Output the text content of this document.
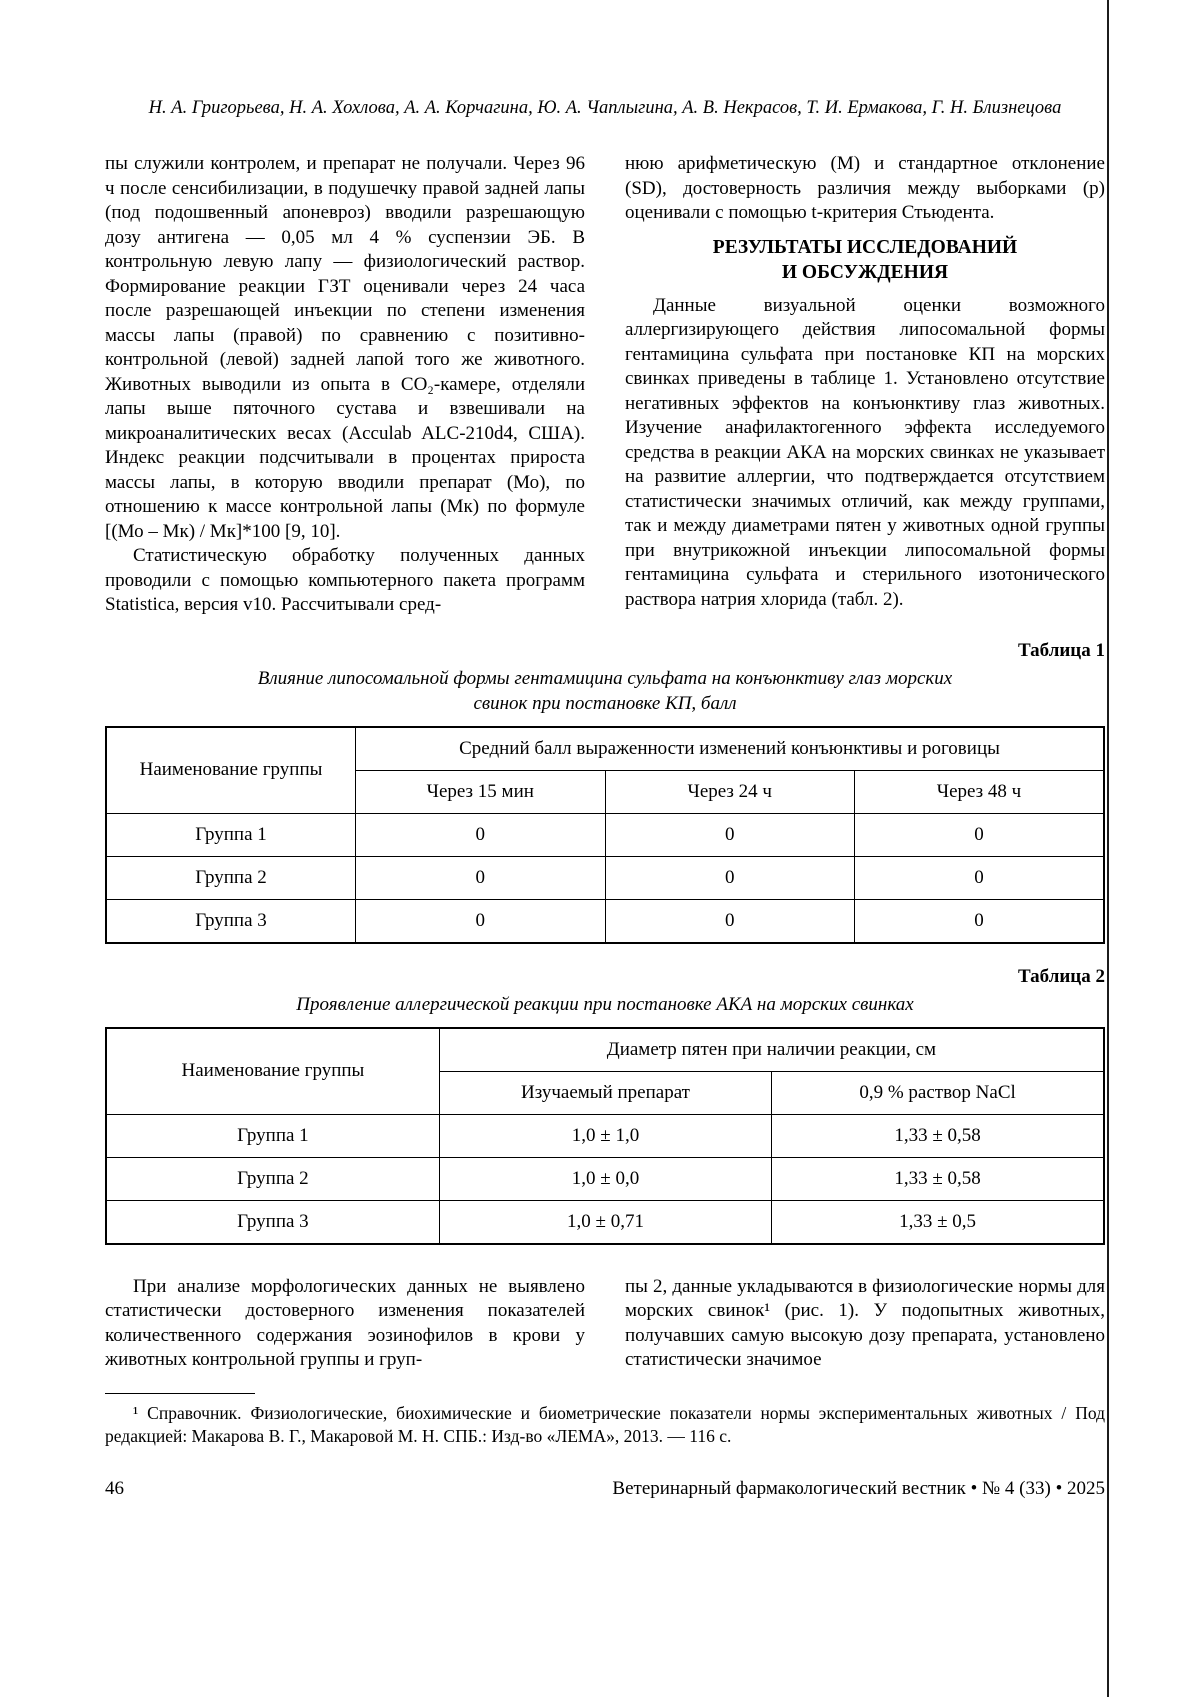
Н. А. Григорьева, Н. А. Хохлова, А. А. Корчагина, Ю. А. Чаплыгина, А. В. Некрасов, Т. И. Ермакова, Г. Н. Близнецова

пы служили контролем, и препарат не получали. Через 96 ч после сенсибилизации, в подушечку правой задней лапы (под подошвенный апоневроз) вводили разрешающую дозу антигена — 0,05 мл 4 % суспензии ЭБ. В контрольную левую лапу — физиологический раствор. Формирование реакции ГЗТ оценивали через 24 часа после разрешающей инъекции по степени изменения массы лапы (правой) по сравнению с позитивно-контрольной (левой) задней лапой того же животного. Животных выводили из опыта в CO₂-камере, отделяли лапы выше пяточного сустава и взвешивали на микроаналитических весах (Acculab ALC-210d4, США). Индекс реакции подсчитывали в процентах прироста массы лапы, в которую вводили препарат (Мо), по отношению к массе контрольной лапы (Мк) по формуле [(Мо – Мк) / Мк]*100 [9, 10].

Статистическую обработку полученных данных проводили с помощью компьютерного пакета программ Statistica, версия v10. Рассчитывали сред-

нюю арифметическую (M) и стандартное отклонение (SD), достоверность различия между выборками (p) оценивали с помощью t-критерия Стьюдента.

РЕЗУЛЬТАТЫ ИССЛЕДОВАНИЙ
И ОБСУЖДЕНИЯ

Данные визуальной оценки возможного аллергизирующего действия липосомальной формы гентамицина сульфата при постановке КП на морских свинках приведены в таблице 1. Установлено отсутствие негативных эффектов на конъюнктиву глаз животных. Изучение анафилактогенного эффекта исследуемого средства в реакции АКА на морских свинках не указывает на развитие аллергии, что подтверждается отсутствием статистически значимых отличий, как между группами, так и между диаметрами пятен у животных одной группы при внутрикожной инъекции липосомальной формы гентамицина сульфата и стерильного изотонического раствора натрия хлорида (табл. 2).

Таблица 1
Влияние липосомальной формы гентамицина сульфата на конъюнктиву глаз морских свинок при постановке КП, балл
Наименование группы	Средний балл выраженности изменений конъюнктивы и роговицы		
	Через 15 мин	Через 24 ч	Через 48 ч
Группа 1	0	0	0
Группа 2	0	0	0
Группа 3	0	0	0
Таблица 2
Проявление аллергической реакции при постановке АКА на морских свинках
Наименование группы	Диаметр пятен при наличии реакции, см	
	Изучаемый препарат	0,9 % раствор NaCl
Группа 1	1,0 ± 1,0	1,33 ± 0,58
Группа 2	1,0 ± 0,0	1,33 ± 0,58
Группа 3	1,0 ± 0,71	1,33 ± 0,5

При анализе морфологических данных не выявлено статистически достоверного изменения показателей количественного содержания эозинофилов в крови у животных контрольной группы и груп-

пы 2, данные укладываются в физиологические нормы для морских свинок¹ (рис. 1). У подопытных животных, получавших самую высокую дозу препарата, установлено статистически значимое

¹ Справочник. Физиологические, биохимические и биометрические показатели нормы экспериментальных животных / Под редакцией: Макарова В. Г., Макаровой М. Н. СПБ.: Изд-во «ЛЕМА», 2013. — 116 с.

46	Ветеринарный фармакологический вестник • № 4 (33) • 2025
